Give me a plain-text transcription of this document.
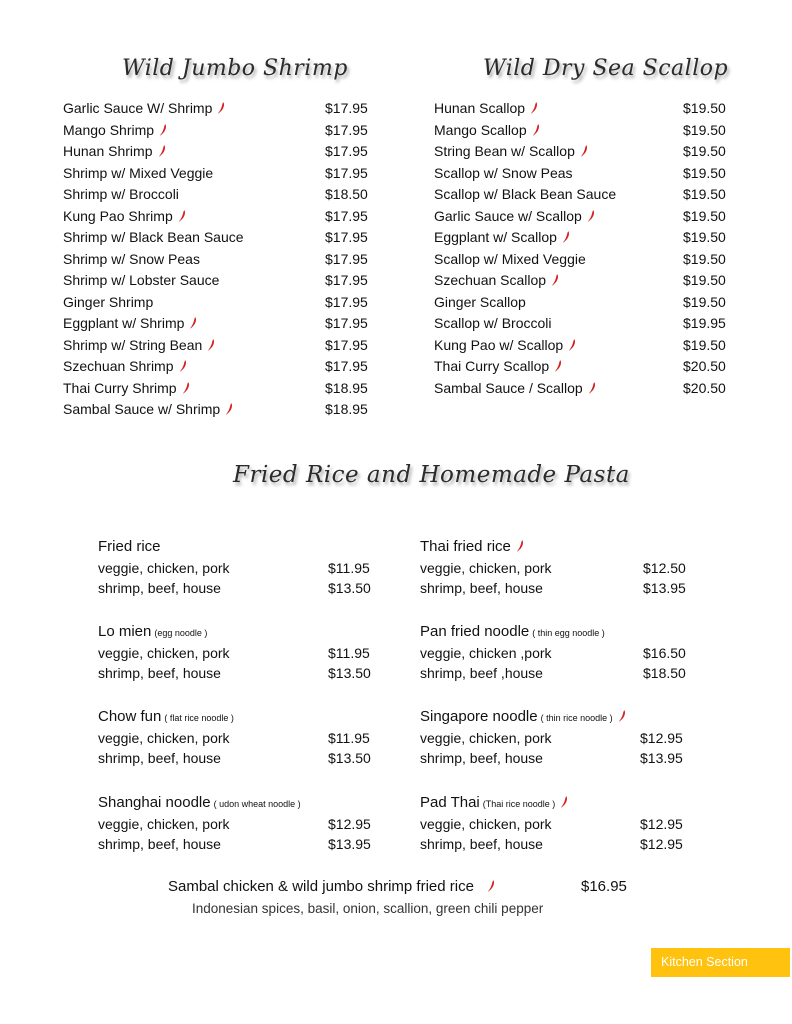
Wild Jumbo Shrimp	Wild Dry Sea Scallop
Fried Rice and Homemade Pasta
Garlic Sauce W/ Shrimp	$17.95
Mango Shrimp	$17.95
Hunan Shrimp	$17.95
Shrimp w/ Mixed Veggie	$17.95
Shrimp w/ Broccoli	$18.50
Kung Pao Shrimp	$17.95
Shrimp w/ Black Bean Sauce	$17.95
Shrimp w/ Snow Peas	$17.95
Shrimp w/ Lobster Sauce	$17.95
Ginger Shrimp	$17.95
Eggplant w/ Shrimp	$17.95
Shrimp w/ String Bean	$17.95
Szechuan Shrimp	$17.95
Thai Curry Shrimp	$18.95
Sambal Sauce w/ Shrimp	$18.95
Hunan Scallop	$19.50
Mango Scallop	$19.50
String Bean w/ Scallop	$19.50
Scallop w/ Snow Peas	$19.50
Scallop w/ Black Bean Sauce	$19.50
Garlic Sauce w/ Scallop	$19.50
Eggplant w/ Scallop	$19.50
Scallop w/ Mixed Veggie	$19.50
Szechuan Scallop	$19.50
Ginger Scallop	$19.50
Scallop w/ Broccoli	$19.95
Kung Pao w/ Scallop	$19.50
Thai Curry Scallop	$20.50
Sambal Sauce / Scallop	$20.50
Fried rice
veggie, chicken, pork	$11.95
shrimp, beef, house	$13.50
Thai fried rice
veggie, chicken, pork	$12.50
shrimp, beef, house	$13.95
Lo mien (egg noodle )
veggie, chicken, pork	$11.95
shrimp, beef, house	$13.50
Pan fried noodle ( thin egg noodle )
veggie, chicken ,pork	$16.50
shrimp, beef ,house	$18.50
Chow fun ( flat rice noodle )
veggie, chicken, pork	$11.95
shrimp, beef, house	$13.50
Singapore noodle ( thin rice noodle )
veggie, chicken, pork	$12.95
shrimp, beef, house	$13.95
Shanghai noodle ( udon wheat noodle )
veggie, chicken, pork	$12.95
shrimp, beef, house	$13.95
Pad Thai (Thai rice noodle )
veggie, chicken, pork	$12.95
shrimp, beef, house	$12.95
Sambal chicken & wild jumbo shrimp fried rice	$16.95
Indonesian spices, basil, onion, scallion, green chili pepper
Kitchen Section
